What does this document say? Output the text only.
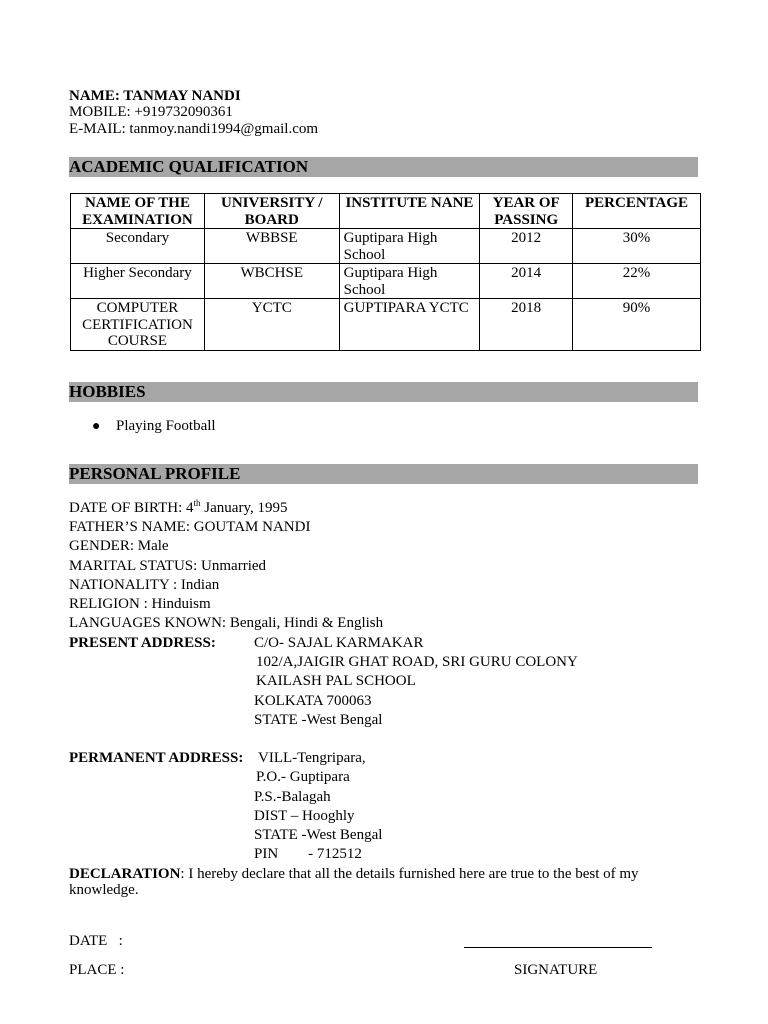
NAME: TANMAY NANDI
MOBILE: +919732090361
E-MAIL: tanmoy.nandi1994@gmail.com
ACADEMIC QUALIFICATION
NAME OF THE EXAMINATION	UNIVERSITY / BOARD	INSTITUTE NANE	YEAR OF PASSING	PERCENTAGE
Secondary	WBBSE	Guptipara High School	2012	30%
Higher Secondary	WBCHSE	Guptipara High School	2014	22%
COMPUTER CERTIFICATION COURSE	YCTC	GUPTIPARA YCTC	2018	90%
HOBBIES
● Playing Football
PERSONAL PROFILE
DATE OF BIRTH: 4th January, 1995
FATHER’S NAME: GOUTAM NANDI
GENDER: Male
MARITAL STATUS: Unmarried
NATIONALITY : Indian
RELIGION : Hinduism
LANGUAGES KNOWN: Bengali, Hindi & English
PRESENT ADDRESS:	C/O- SAJAL KARMAKAR
102/A,JAIGIR GHAT ROAD, SRI GURU COLONY
KAILASH PAL SCHOOL
KOLKATA 700063
STATE -West Bengal
PERMANENT ADDRESS: VILL-Tengripara,
P.O.- Guptipara
P.S.-Balagah
DIST – Hooghly
STATE -West Bengal
PIN        - 712512
DECLARATION: I hereby declare that all the details furnished here are true to the best of my
knowledge.
DATE   :
PLACE :	SIGNATURE
